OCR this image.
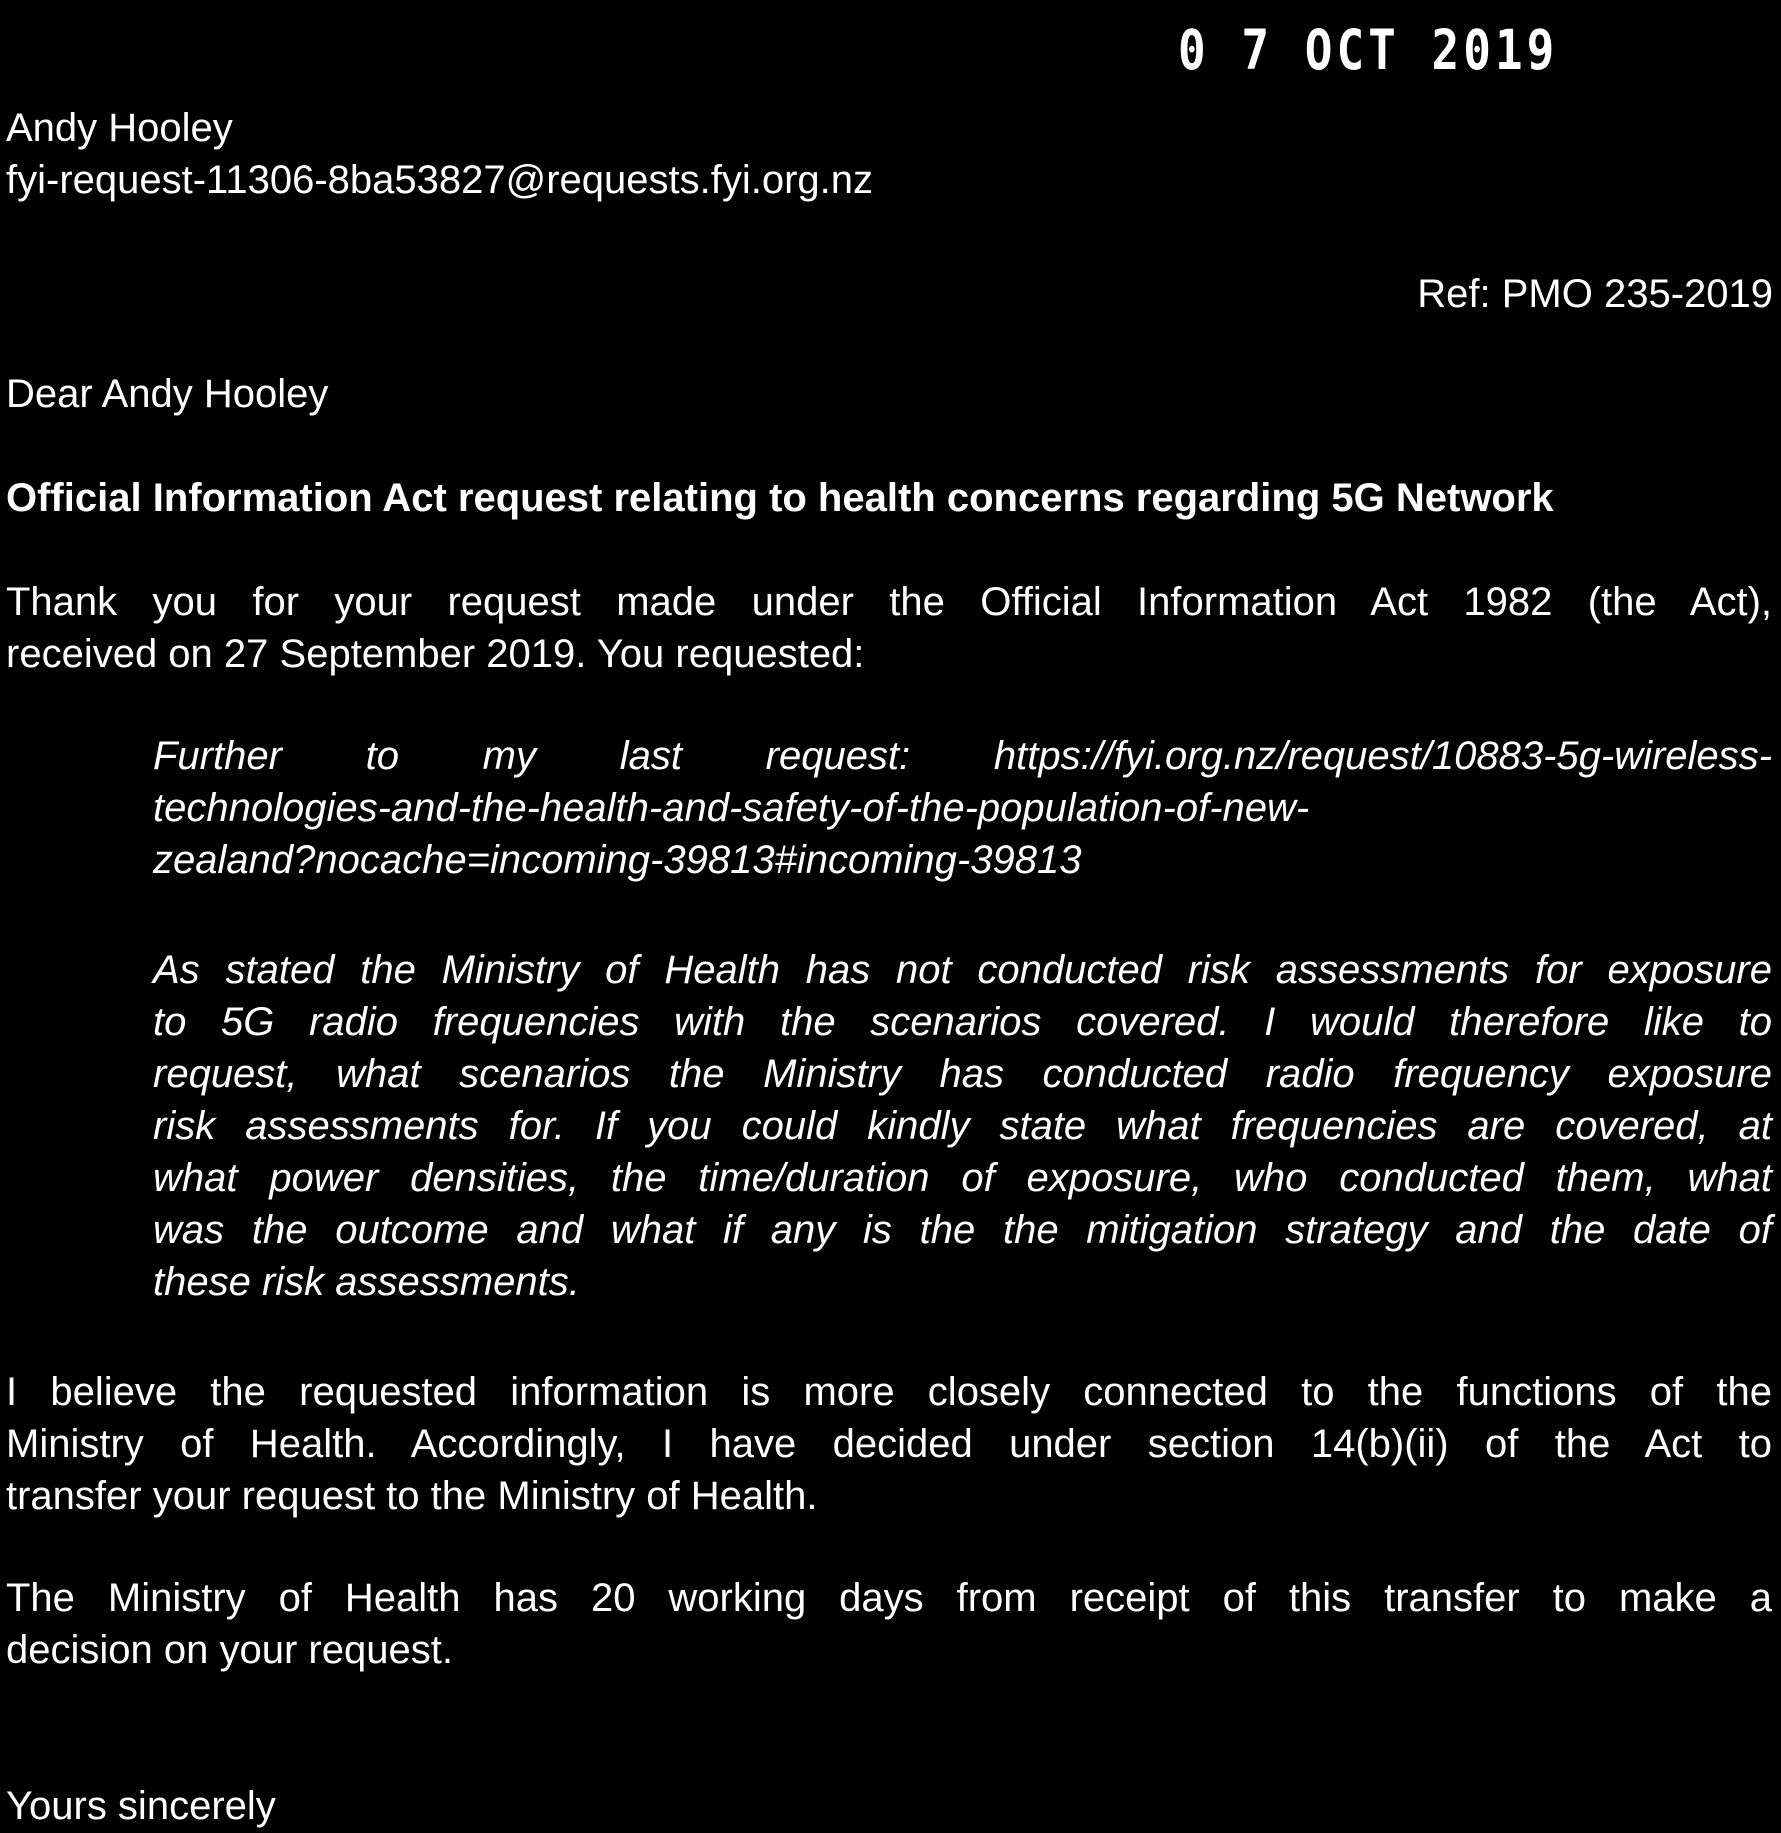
0 7 OCT 2019
Andy Hooley
fyi-request-11306-8ba53827@requests.fyi.org.nz

Ref: PMO 235-2019

Dear Andy Hooley

Official Information Act request relating to health concerns regarding 5G Network

Thank you for your request made under the Official Information Act 1982 (the Act),
received on 27 September 2019. You requested:
Further to my last request: https://fyi.org.nz/request/10883-5g-wireless-
technologies-and-the-health-and-safety-of-the-population-of-new-
zealand?nocache=incoming-39813#incoming-39813
As stated the Ministry of Health has not conducted risk assessments for exposure
to 5G radio frequencies with the scenarios covered. I would therefore like to
request, what scenarios the Ministry has conducted radio frequency exposure
risk assessments for. If you could kindly state what frequencies are covered, at
what power densities, the time/duration of exposure, who conducted them, what
was the outcome and what if any is the the mitigation strategy and the date of
these risk assessments.
I believe the requested information is more closely connected to the functions of the
Ministry of Health. Accordingly, I have decided under section 14(b)(ii) of the Act to
transfer your request to the Ministry of Health.
The Ministry of Health has 20 working days from receipt of this transfer to make a
decision on your request.

Yours sincerely
